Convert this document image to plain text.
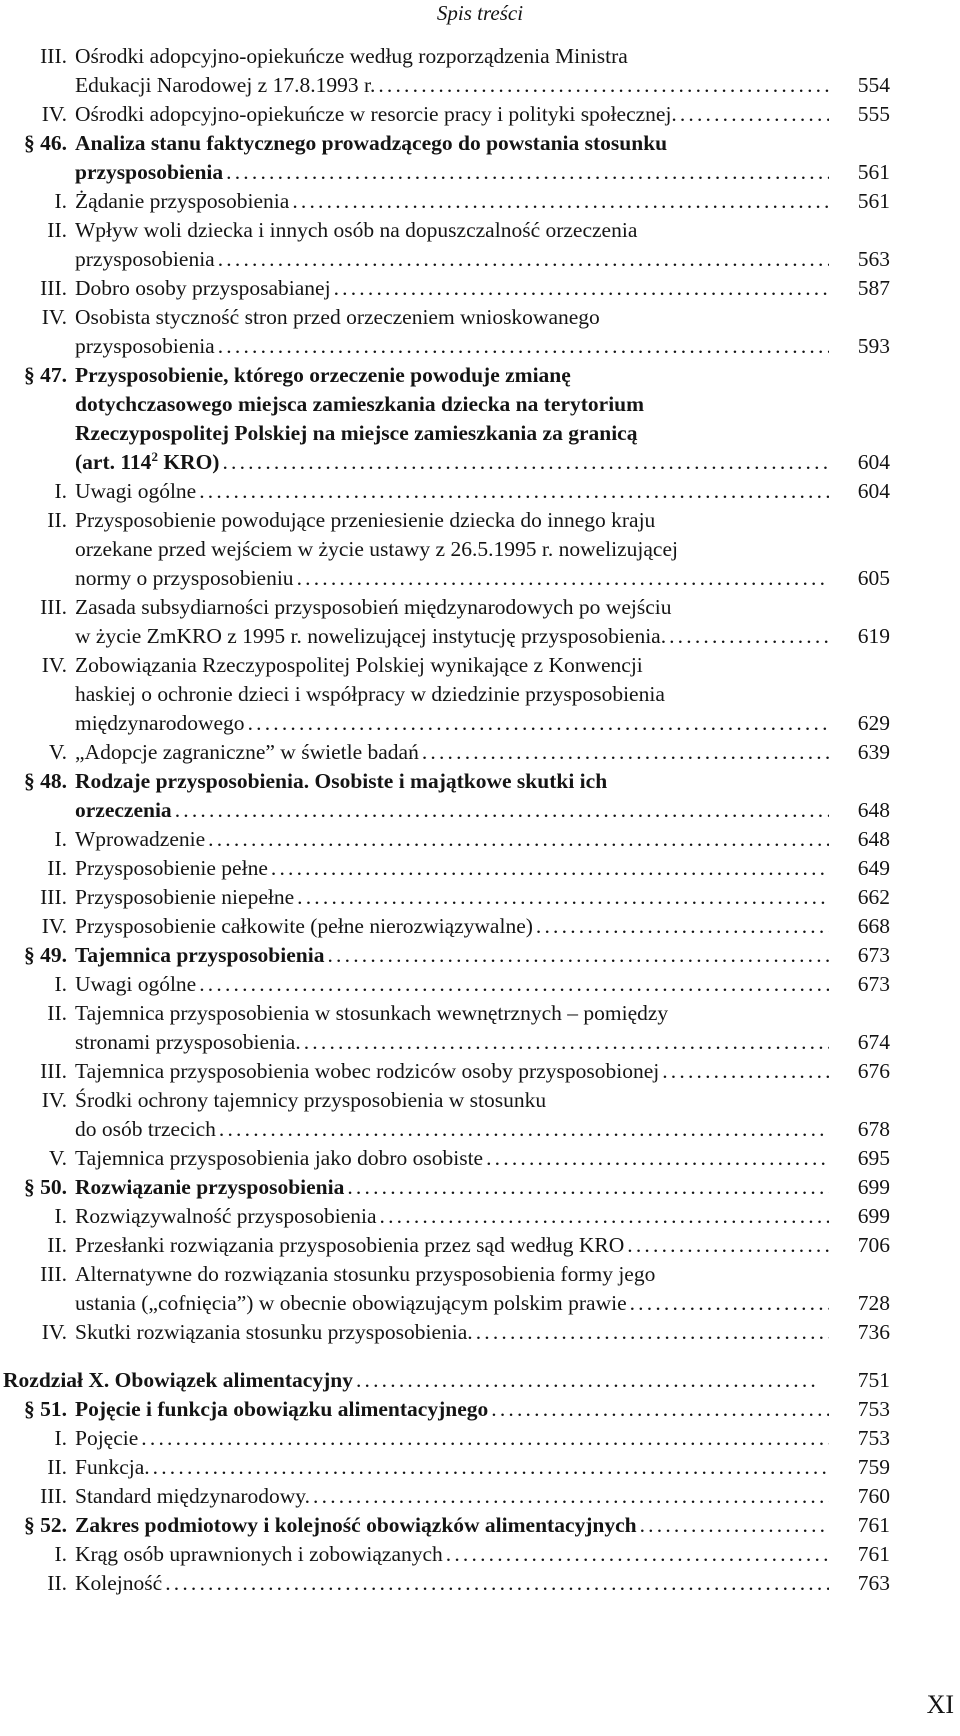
Spis treści
III. Ośrodki adopcyjno-opiekuńcze według rozporządzenia Ministra
Edukacji Narodowej z 17.8.1993 r. .....	554
IV. Ośrodki adopcyjno-opiekuńcze w resorcie pracy i polityki społecznej. .....	555
§ 46. Analiza stanu faktycznego prowadzącego do powstania stosunku
przysposobienia .....	561
I. Żądanie przysposobienia .....	561
II. Wpływ woli dziecka i innych osób na dopuszczalność orzeczenia
przysposobienia .....	563
III. Dobro osoby przysposabianej .....	587
IV. Osobista styczność stron przed orzeczeniem wnioskowanego
przysposobienia .....	593
§ 47. Przysposobienie, którego orzeczenie powoduje zmianę
dotychczasowego miejsca zamieszkania dziecka na terytorium
Rzeczypospolitej Polskiej na miejsce zamieszkania za granicą
(art. $114^2$ KRO) .....	604
I. Uwagi ogólne .....	604
II. Przysposobienie powodujące przeniesienie dziecka do innego kraju
orzekane przed wejściem w życie ustawy z 26.5.1995 r. nowelizującej
normy o przysposobieniu .....	605
III. Zasada subsydiarności przysposobień międzynarodowych po wejściu
w życie ZmKRO z 1995 r. nowelizującej instytucję przysposobienia. .....	619
IV. Zobowiązania Rzeczypospolitej Polskiej wynikające z Konwencji
haskiej o ochronie dzieci i współpracy w dziedzinie przysposobienia
międzynarodowego .....	629
V. „Adopcje zagraniczne” w świetle badań .....	639
§ 48. Rodzaje przysposobienia. Osobiste i majątkowe skutki ich
orzeczenia .....	648
I. Wprowadzenie .....	648
II. Przysposobienie pełne .....	649
III. Przysposobienie niepełne .....	662
IV. Przysposobienie całkowite (pełne nierozwiązywalne) .....	668
§ 49. Tajemnica przysposobienia .....	673
I. Uwagi ogólne .....	673
II. Tajemnica przysposobienia w stosunkach wewnętrznych – pomiędzy
stronami przysposobienia. .....	674
III. Tajemnica przysposobienia wobec rodziców osoby przysposobionej .....	676
IV. Środki ochrony tajemnicy przysposobienia w stosunku
do osób trzecich .....	678
V. Tajemnica przysposobienia jako dobro osobiste .....	695
§ 50. Rozwiązanie przysposobienia .....	699
I. Rozwiązywalność przysposobienia .....	699
II. Przesłanki rozwiązania przysposobienia przez sąd według KRO .....	706
III. Alternatywne do rozwiązania stosunku przysposobienia formy jego
ustania („cofnięcia”) w obecnie obowiązującym polskim prawie .....	728
IV. Skutki rozwiązania stosunku przysposobienia. .....	736
Rozdział X. Obowiązek alimentacyjny .....	751
§ 51. Pojęcie i funkcja obowiązku alimentacyjnego .....	753
I. Pojęcie .....	753
II. Funkcja. .....	759
III. Standard międzynarodowy. .....	760
§ 52. Zakres podmiotowy i kolejność obowiązków alimentacyjnych .....	761
I. Krąg osób uprawnionych i zobowiązanych .....	761
II. Kolejność .....	763
XI
